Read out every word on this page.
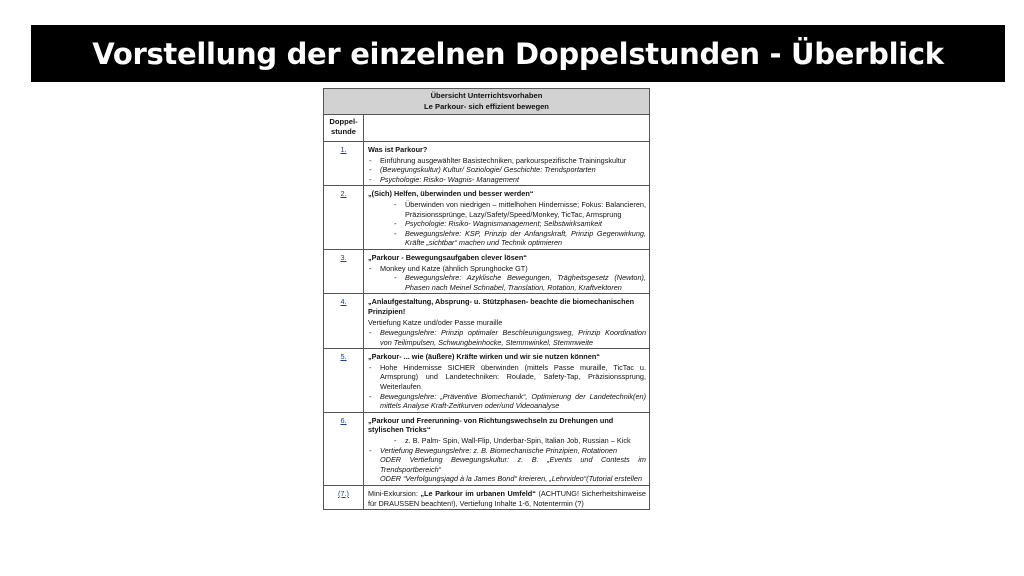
Vorstellung der einzelnen Doppelstunden - Überblick
Übersicht Unterrichtsvorhaben
Le Parkour- sich effizient bewegen	

Doppel-
stunde	

1.	Was ist Parkour?
- Einführung ausgewählter Basistechniken, parkourspezifische Trainingskultur
- (Bewegungskultur) Kultur/ Soziologie/ Geschichte: Trendsportarten
- Psychologie: Risiko- Wagnis- Management

2.	„(Sich) Helfen, überwinden und besser werden“
- Überwinden von niedrigen – mittelhohen Hindernisse; Fokus: Balancieren, Präzisionssprünge, Lazy/Safety/Speed/Monkey, TicTac, Armsprung
- Psychologie: Risiko- Wagnismanagement; Selbstwirksamkeit
- Bewegungslehre: KSP, Prinzip der Anfangskraft, Prinzip Gegenwirkung, Kräfte „sichtbar“ machen und Technik optimieren

3.	„Parkour - Bewegungsaufgaben clever lösen“
- Monkey und Katze (ähnlich Sprunghocke GT)
- Bewegungslehre: Azyklische Bewegungen, Trägheitsgesetz (Newton), Phasen nach Meinel Schnabel, Translation, Rotation, Kraftvektoren

4.	„Anlaufgestaltung, Absprung- u. Stützphasen- beachte die biomechanischen Prinzipien!
Vertiefung Katze und/oder Passe muraille
- Bewegungslehre: Prinzip optimaler Beschleunigungsweg, Prinzip Koordination von Teilimpulsen, Schwungbeinhocke, Stemmwinkel, Stemmweite

5.	„Parkour- ... wie (äußere) Kräfte wirken und wir sie nutzen können“
- Hohe Hindernisse SICHER überwinden (mittels Passe muraille, TicTac u. Armsprung) und Landetechniken: Roulade, Safety-Tap, Präzisionssprung, Weiterlaufen
- Bewegungslehre: „Präventive Biomechanik“, Optimierung der Landetechnik(en) mittels Analyse Kraft-Zeitkurven oder/und Videoanalyse

6.	„Parkour und Freerunning- von Richtungswechseln zu Drehungen und stylischen Tricks“
- z. B. Palm- Spin, Wall-Flip, Underbar-Spin, Italian Job, Russian – Kick
- Vertiefung Bewegungslehre: z. B. Biomechanische Prinzipien, Rotationen
ODER Vertiefung Bewegungskultur: z. B. „Events und Contests im Trendsportbereich“
ODER “Verfolgungsjagd à la James Bond“ kreieren, „Lehrvideo“(Tutorial erstellen

(7.)	Mini-Exkursion: „Le Parkour im urbanen Umfeld“ (ACHTUNG! Sicherheitshinweise für DRAUSSEN beachten!), Vertiefung Inhalte 1-6, Notentermin (?)
